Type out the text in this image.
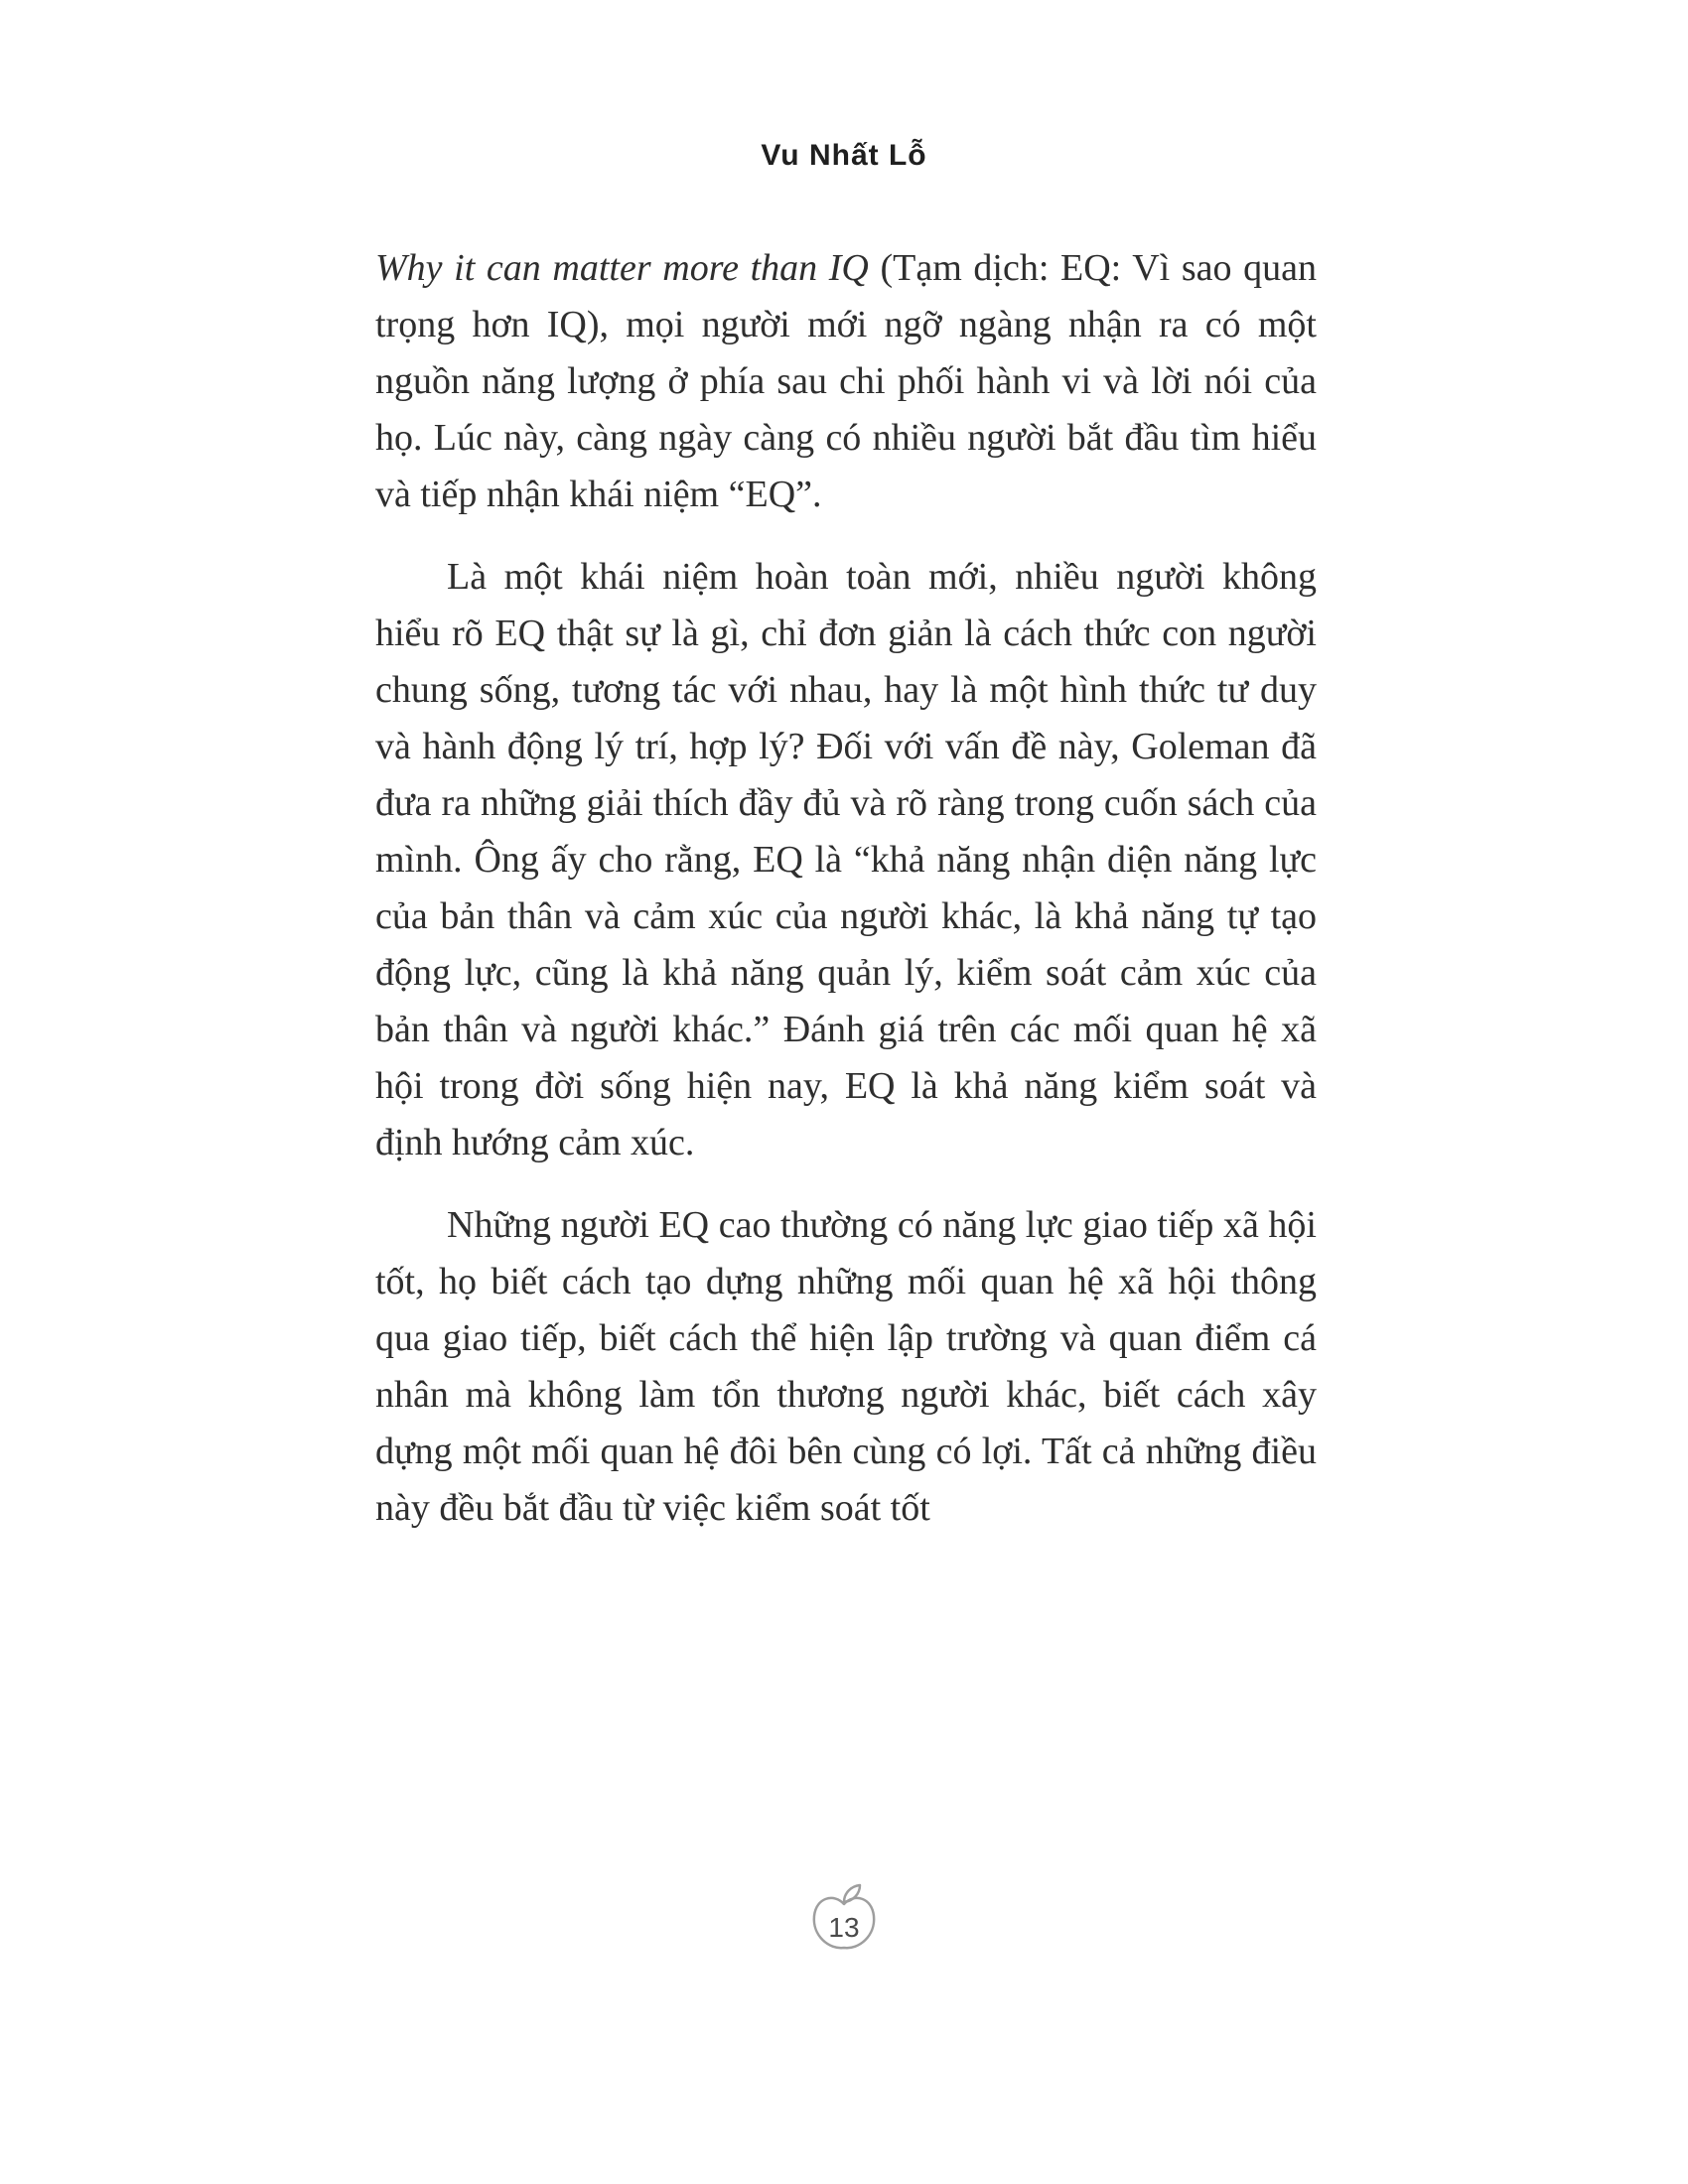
Vu Nhất Lỗ

Why it can matter more than IQ (Tạm dịch: EQ: Vì sao quan trọng hơn IQ), mọi người mới ngỡ ngàng nhận ra có một nguồn năng lượng ở phía sau chi phối hành vi và lời nói của họ. Lúc này, càng ngày càng có nhiều người bắt đầu tìm hiểu và tiếp nhận khái niệm “EQ”.

Là một khái niệm hoàn toàn mới, nhiều người không hiểu rõ EQ thật sự là gì, chỉ đơn giản là cách thức con người chung sống, tương tác với nhau, hay là một hình thức tư duy và hành động lý trí, hợp lý? Đối với vấn đề này, Goleman đã đưa ra những giải thích đầy đủ và rõ ràng trong cuốn sách của mình. Ông ấy cho rằng, EQ là “khả năng nhận diện năng lực của bản thân và cảm xúc của người khác, là khả năng tự tạo động lực, cũng là khả năng quản lý, kiểm soát cảm xúc của bản thân và người khác.” Đánh giá trên các mối quan hệ xã hội trong đời sống hiện nay, EQ là khả năng kiểm soát và định hướng cảm xúc.

Những người EQ cao thường có năng lực giao tiếp xã hội tốt, họ biết cách tạo dựng những mối quan hệ xã hội thông qua giao tiếp, biết cách thể hiện lập trường và quan điểm cá nhân mà không làm tổn thương người khác, biết cách xây dựng một mối quan hệ đôi bên cùng có lợi. Tất cả những điều này đều bắt đầu từ việc kiểm soát tốt

13
